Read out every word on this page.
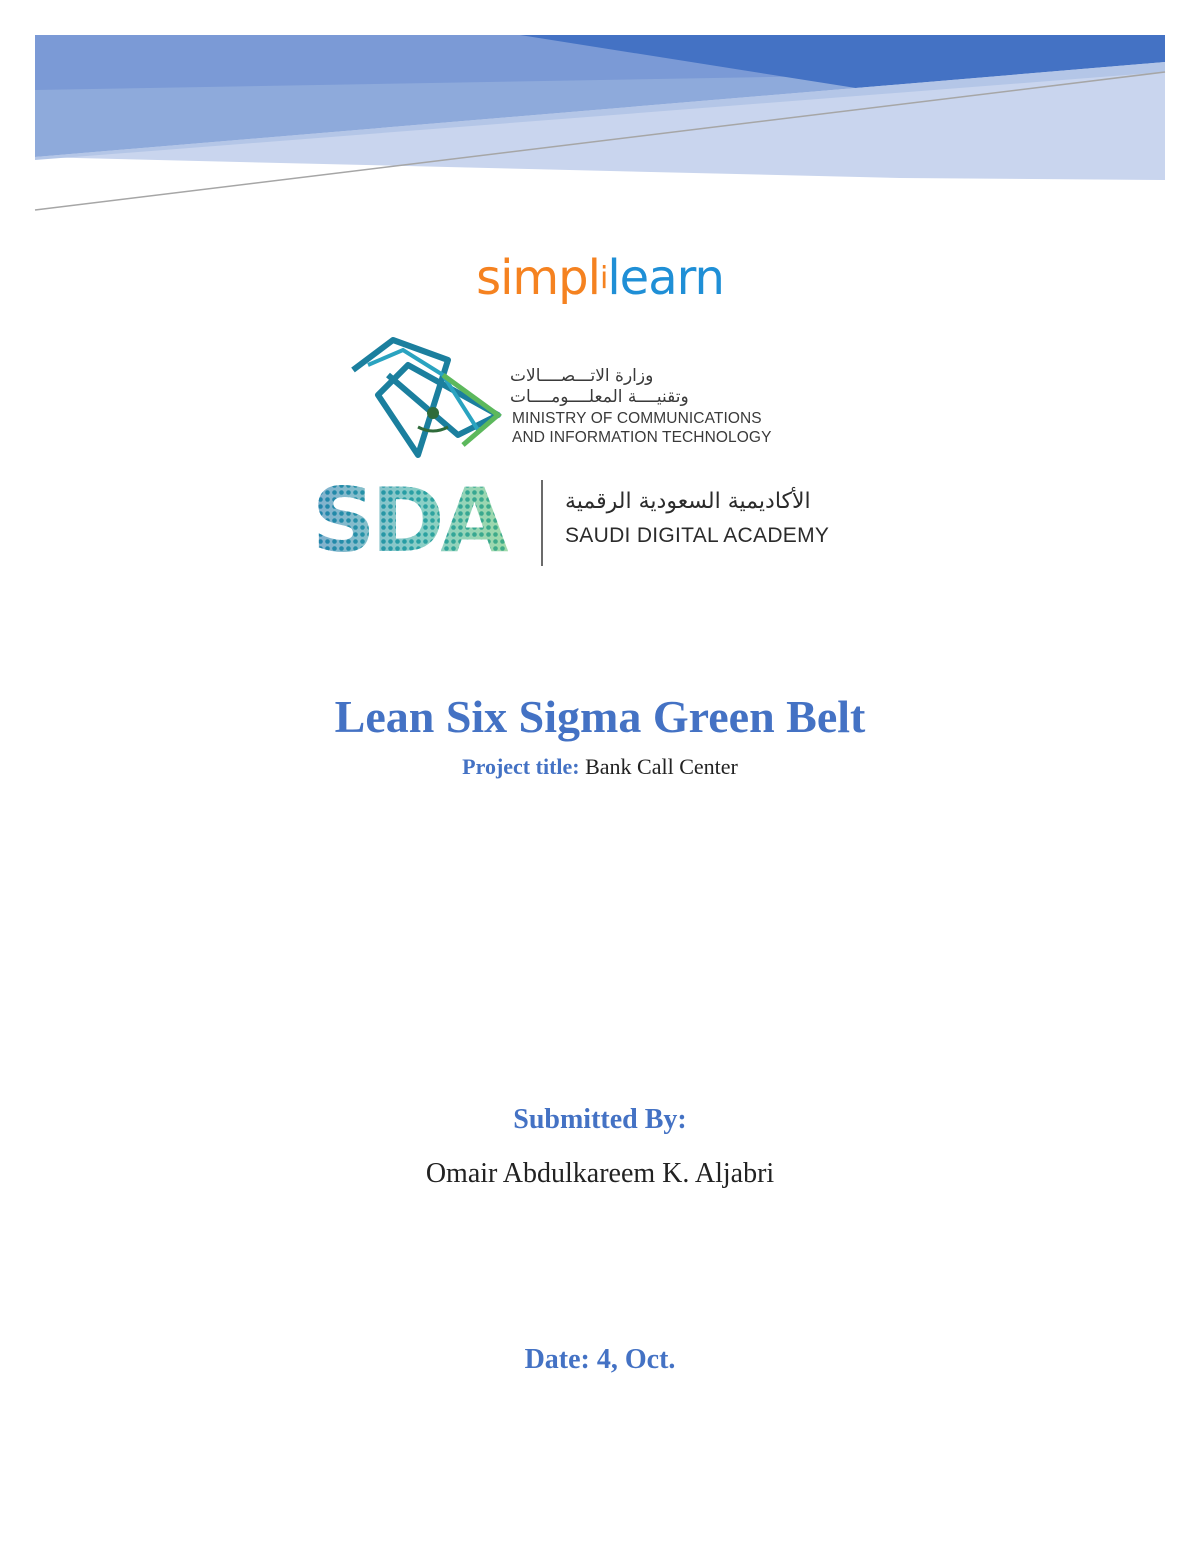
simplilearn
وزارة الاتـــصــــالات
وتقنيــــة المعلــــومــــات
MINISTRY OF COMMUNICATIONS
AND INFORMATION TECHNOLOGY
الأكاديمية السعودية الرقمية
SAUDI DIGITAL ACADEMY
Lean Six Sigma Green Belt
Project title: Bank Call Center
Submitted By:
Omair Abdulkareem K. Aljabri
Date: 4, Oct.
